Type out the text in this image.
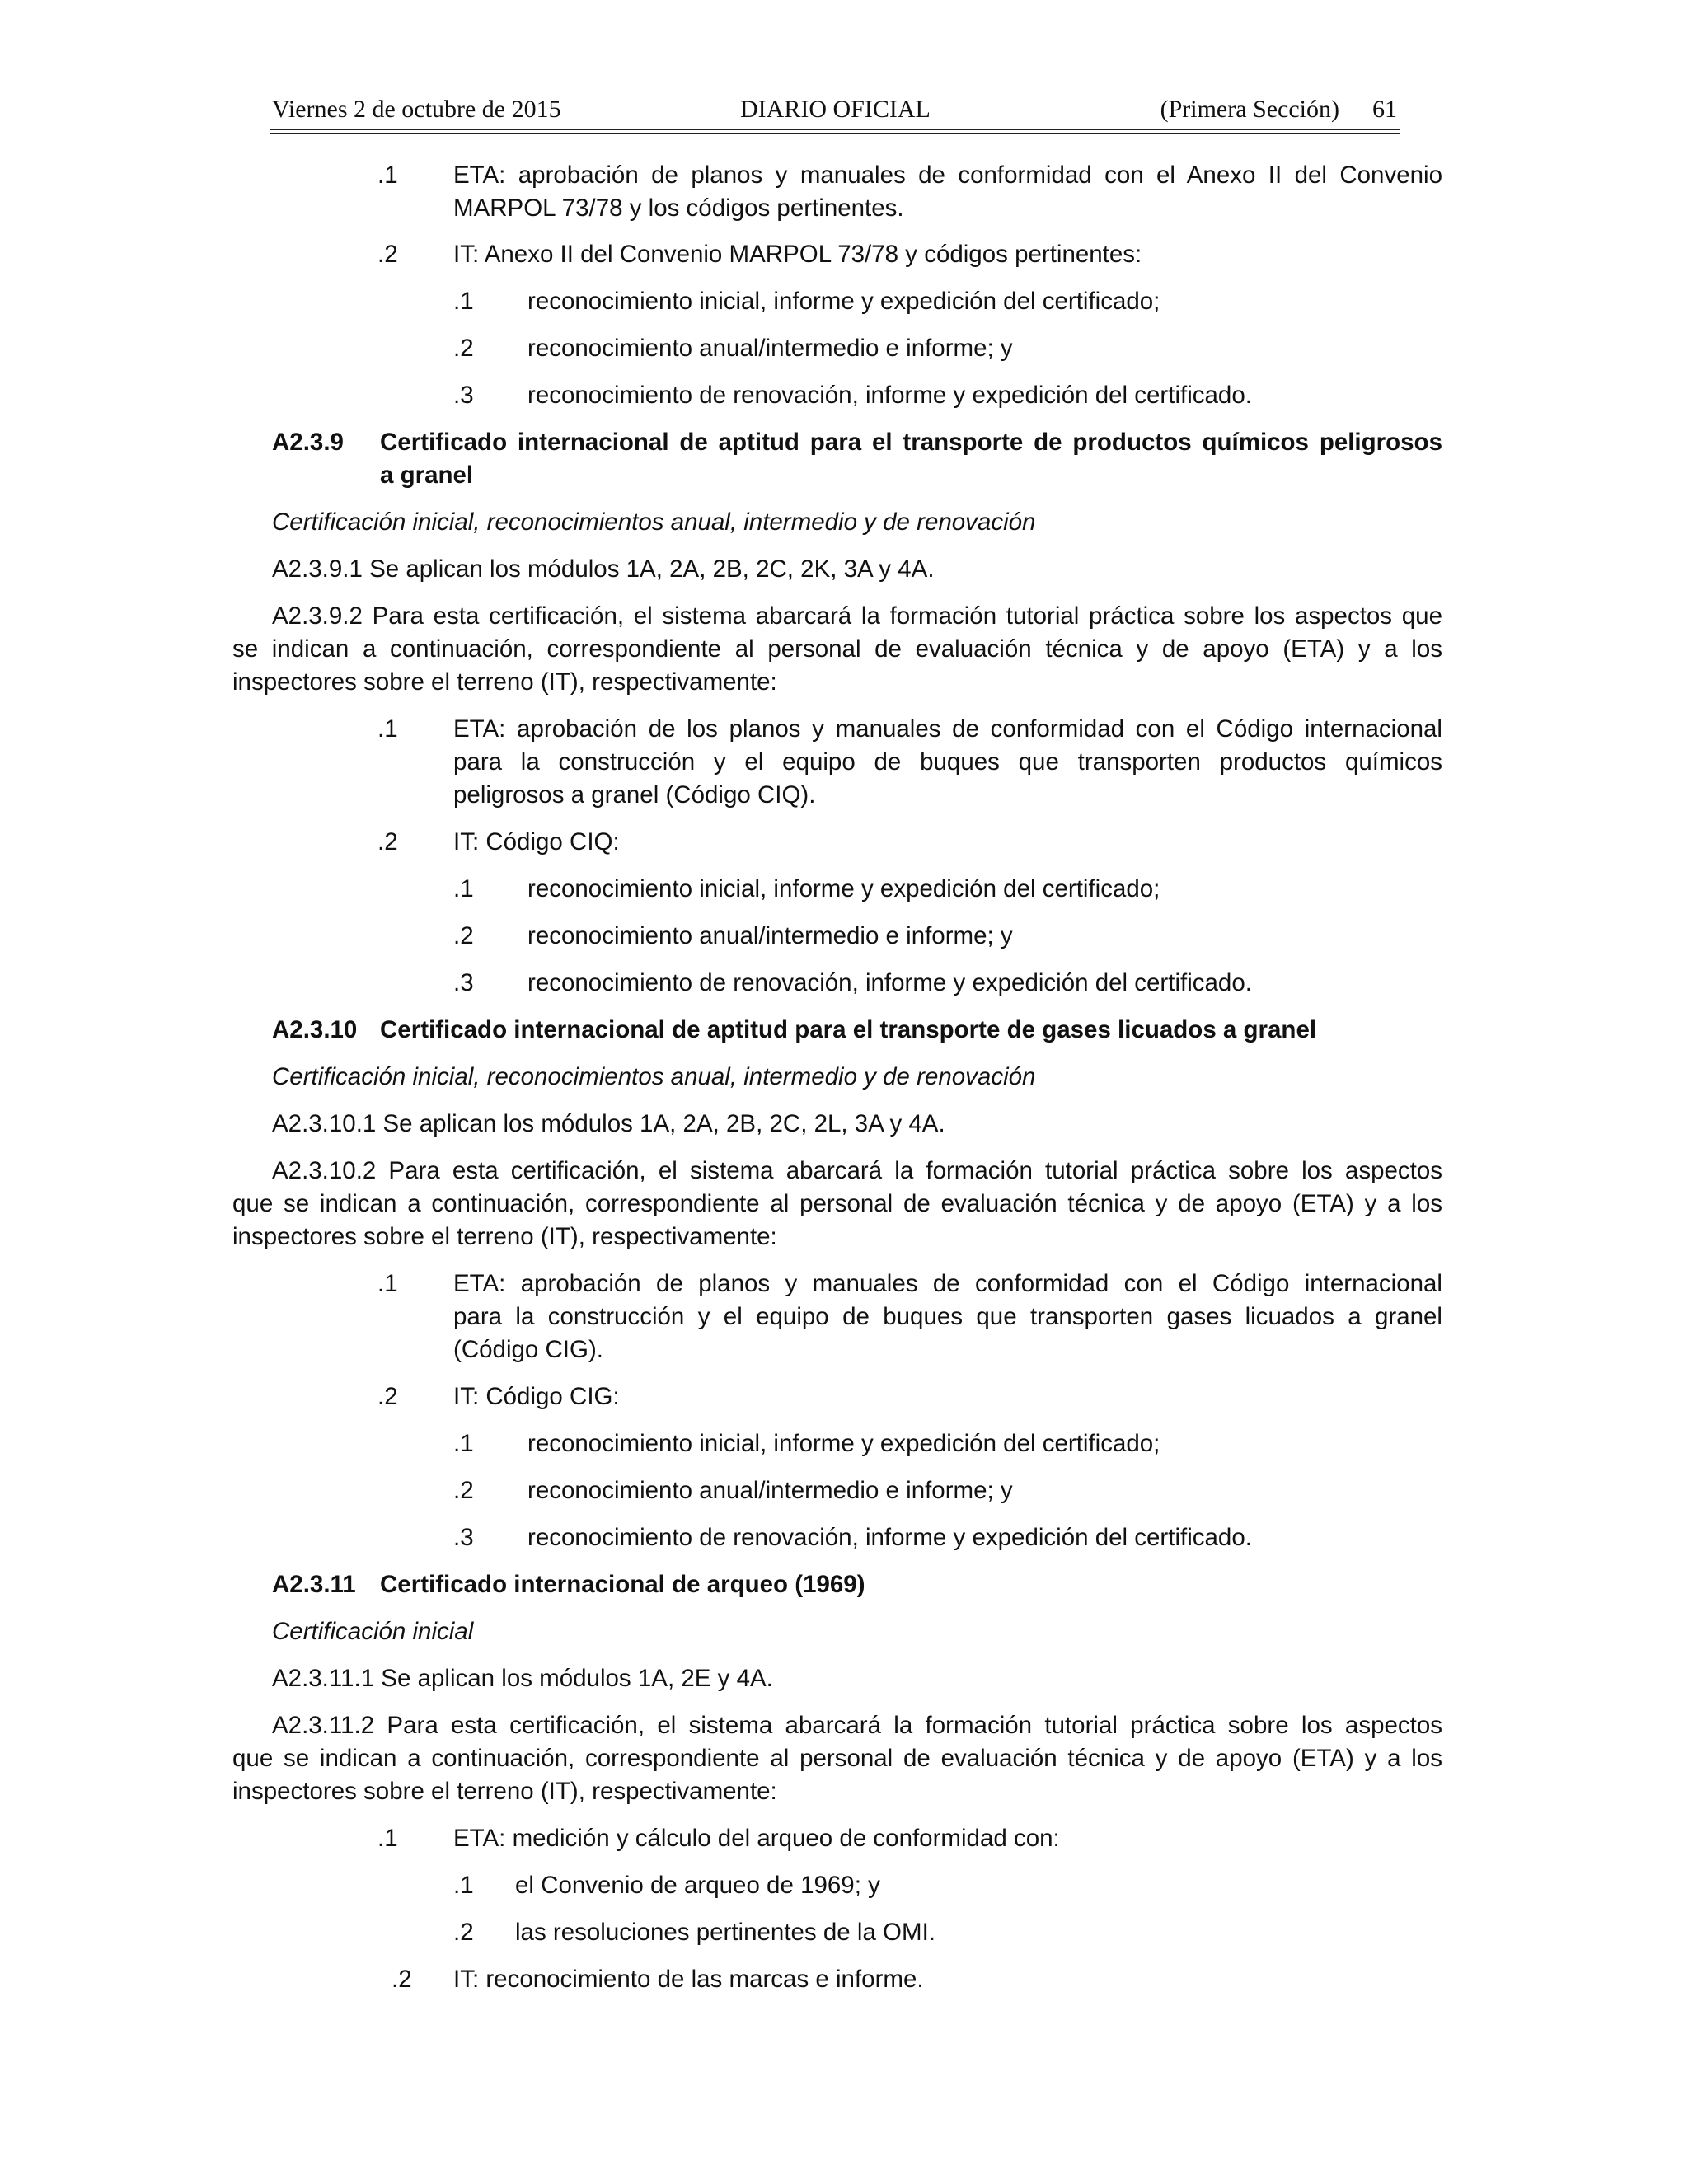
Viernes 2 de octubre de 2015	DIARIO OFICIAL	(Primera Sección) 61
.1 ETA: aprobación de planos y manuales de conformidad con el Anexo II del Convenio
MARPOL 73/78 y los códigos pertinentes.
.2 IT: Anexo II del Convenio MARPOL 73/78 y códigos pertinentes:
.1 reconocimiento inicial, informe y expedición del certificado;
.2 reconocimiento anual/intermedio e informe; y
.3 reconocimiento de renovación, informe y expedición del certificado.
A2.3.9 Certificado internacional de aptitud para el transporte de productos químicos peligrosos
a granel
Certificación inicial, reconocimientos anual, intermedio y de renovación
A2.3.9.1 Se aplican los módulos 1A, 2A, 2B, 2C, 2K, 3A y 4A.
A2.3.9.2 Para esta certificación, el sistema abarcará la formación tutorial práctica sobre los aspectos que
se indican a continuación, correspondiente al personal de evaluación técnica y de apoyo (ETA) y a los
inspectores sobre el terreno (IT), respectivamente:
.1 ETA: aprobación de los planos y manuales de conformidad con el Código internacional
para la construcción y el equipo de buques que transporten productos químicos
peligrosos a granel (Código CIQ).
.2 IT: Código CIQ:
.1 reconocimiento inicial, informe y expedición del certificado;
.2 reconocimiento anual/intermedio e informe; y
.3 reconocimiento de renovación, informe y expedición del certificado.
A2.3.10 Certificado internacional de aptitud para el transporte de gases licuados a granel
Certificación inicial, reconocimientos anual, intermedio y de renovación
A2.3.10.1 Se aplican los módulos 1A, 2A, 2B, 2C, 2L, 3A y 4A.
A2.3.10.2 Para esta certificación, el sistema abarcará la formación tutorial práctica sobre los aspectos
que se indican a continuación, correspondiente al personal de evaluación técnica y de apoyo (ETA) y a los
inspectores sobre el terreno (IT), respectivamente:
.1 ETA: aprobación de planos y manuales de conformidad con el Código internacional
para la construcción y el equipo de buques que transporten gases licuados a granel
(Código CIG).
.2 IT: Código CIG:
.1 reconocimiento inicial, informe y expedición del certificado;
.2 reconocimiento anual/intermedio e informe; y
.3 reconocimiento de renovación, informe y expedición del certificado.
A2.3.11 Certificado internacional de arqueo (1969)
Certificación inicial
A2.3.11.1 Se aplican los módulos 1A, 2E y 4A.
A2.3.11.2 Para esta certificación, el sistema abarcará la formación tutorial práctica sobre los aspectos
que se indican a continuación, correspondiente al personal de evaluación técnica y de apoyo (ETA) y a los
inspectores sobre el terreno (IT), respectivamente:
.1 ETA: medición y cálculo del arqueo de conformidad con:
.1 el Convenio de arqueo de 1969; y
.2 las resoluciones pertinentes de la OMI.
.2 IT: reconocimiento de las marcas e informe.
